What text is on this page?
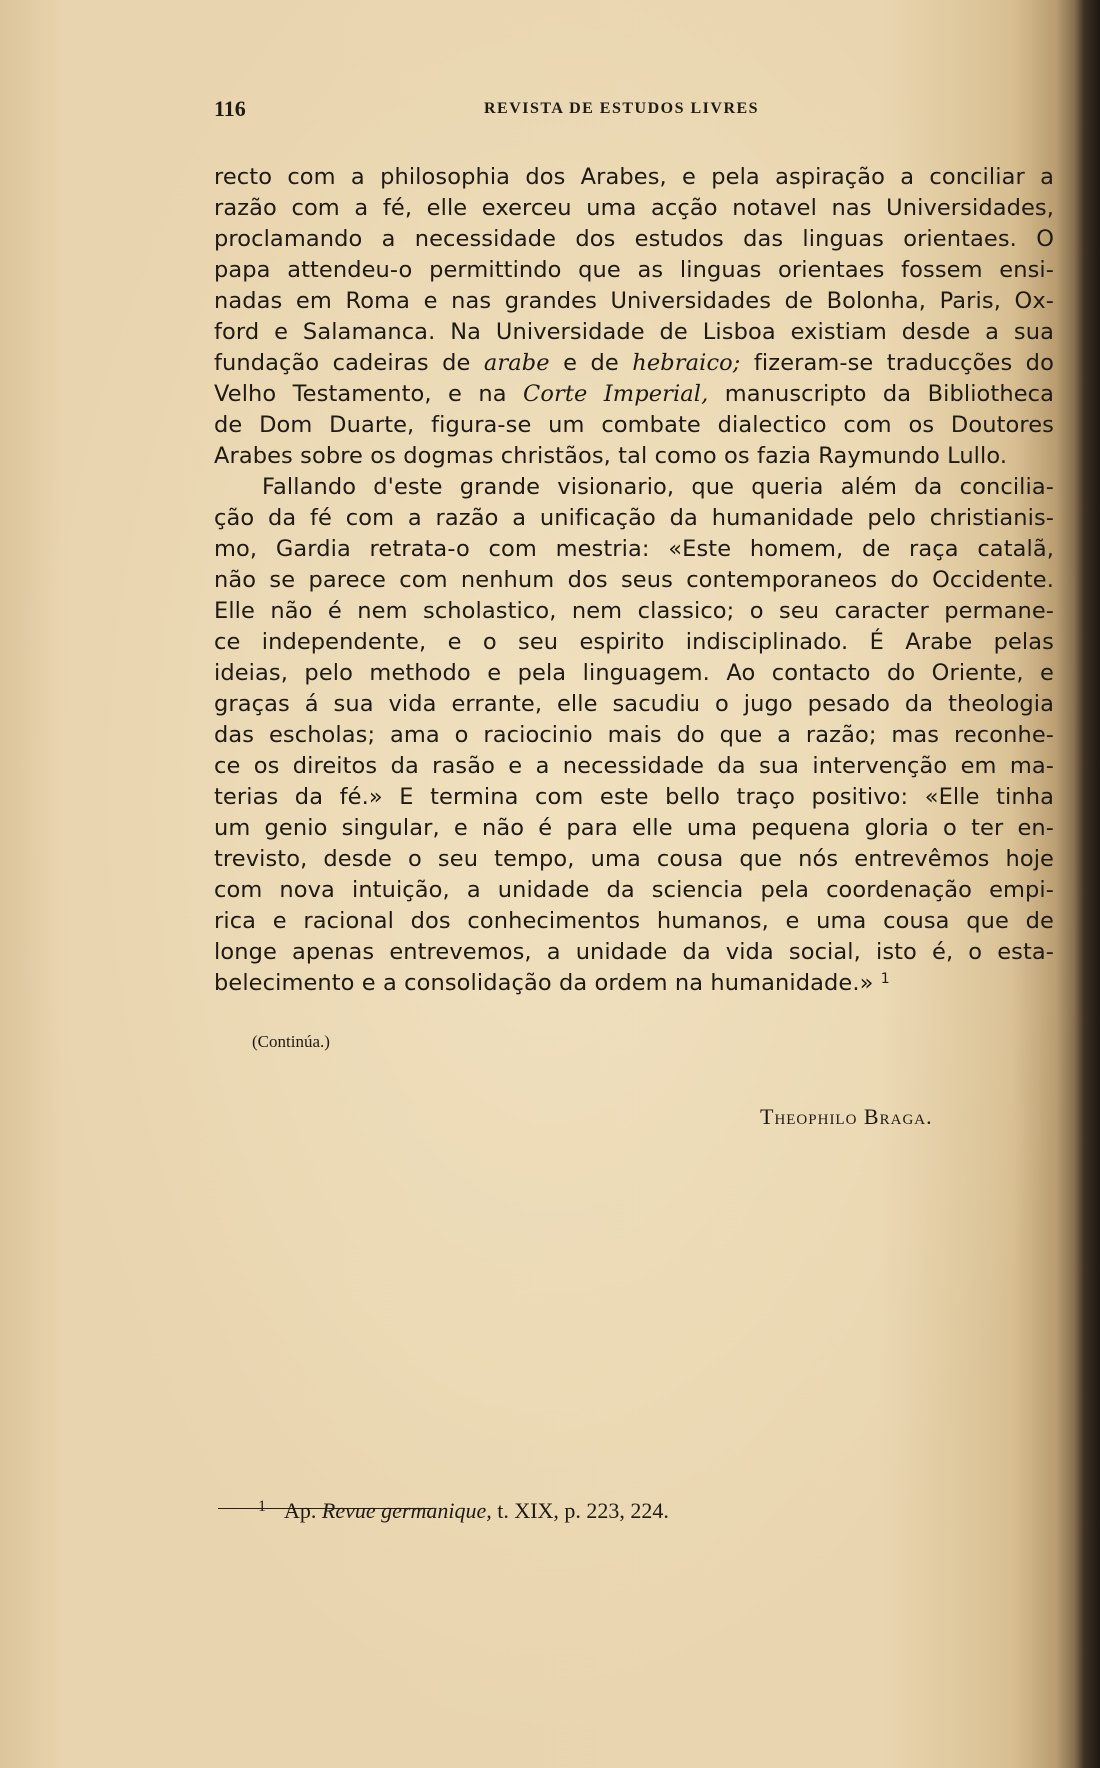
116	REVISTA DE ESTUDOS LIVRES
recto com a philosophia dos Arabes, e pela aspiração a conciliar a
razão com a fé, elle exerceu uma acção notavel nas Universidades,
proclamando a necessidade dos estudos das linguas orientaes. O
papa attendeu-o permittindo que as linguas orientaes fossem ensi-
nadas em Roma e nas grandes Universidades de Bolonha, Paris, Ox-
ford e Salamanca. Na Universidade de Lisboa existiam desde a sua
fundação cadeiras de arabe e de hebraico; fizeram-se traducções do
Velho Testamento, e na Corte Imperial, manuscripto da Bibliotheca
de Dom Duarte, figura-se um combate dialectico com os Doutores
Arabes sobre os dogmas christãos, tal como os fazia Raymundo Lullo.
Fallando d'este grande visionario, que queria além da concilia-
ção da fé com a razão a unificação da humanidade pelo christianis-
mo, Gardia retrata-o com mestria: «Este homem, de raça catalã,
não se parece com nenhum dos seus contemporaneos do Occidente.
Elle não é nem scholastico, nem classico; o seu caracter permane-
ce independente, e o seu espirito indisciplinado. É Arabe pelas
ideias, pelo methodo e pela linguagem. Ao contacto do Oriente, e
graças á sua vida errante, elle sacudiu o jugo pesado da theologia
das escholas; ama o raciocinio mais do que a razão; mas reconhe-
ce os direitos da rasão e a necessidade da sua intervenção em ma-
terias da fé.» E termina com este bello traço positivo: «Elle tinha
um genio singular, e não é para elle uma pequena gloria o ter en-
trevisto, desde o seu tempo, uma cousa que nós entrevêmos hoje
com nova intuição, a unidade da sciencia pela coordenação empi-
rica e racional dos conhecimentos humanos, e uma cousa que de
longe apenas entrevemos, a unidade da vida social, isto é, o esta-
belecimento e a consolidação da ordem na humanidade.» $^1$
(Continúa.)
Theophilo Braga.
$^1$ Ap. Revue germanique, t. XIX, p. 223, 224.
